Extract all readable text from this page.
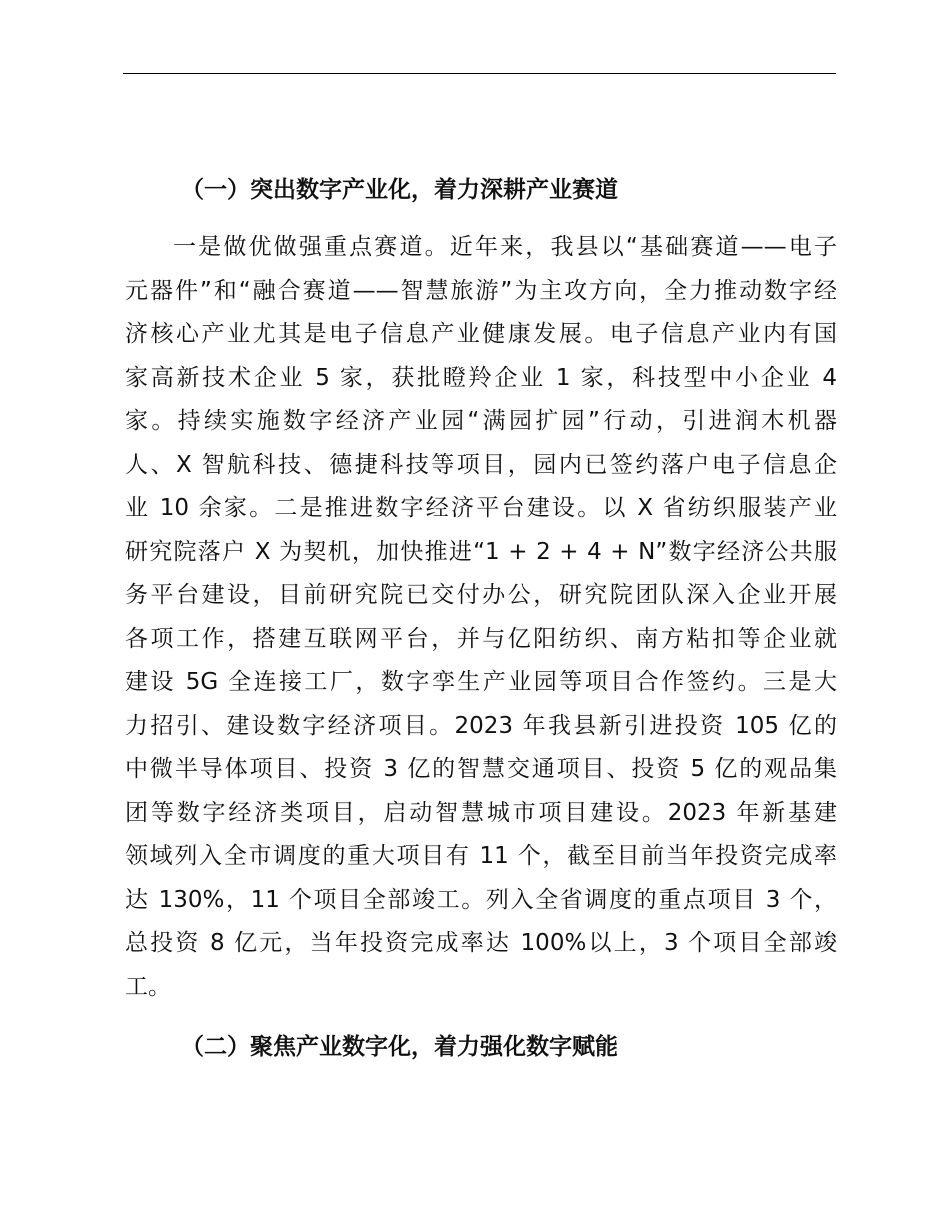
（一）突出数字产业化，着力深耕产业赛道
一是做优做强重点赛道。近年来，我县以“基础赛道——电子
元器件”和“融合赛道——智慧旅游”为主攻方向，全力推动数字经
济核心产业尤其是电子信息产业健康发展。电子信息产业内有国
家高新技术企业 5 家，获批瞪羚企业 1 家，科技型中小企业 4
家。持续实施数字经济产业园“满园扩园”行动，引进润木机器
人、X 智航科技、德捷科技等项目，园内已签约落户电子信息企
业 10 余家。二是推进数字经济平台建设。以 X 省纺织服装产业
研究院落户 X 为契机，加快推进“1 + 2 + 4 + N”数字经济公共服
务平台建设，目前研究院已交付办公，研究院团队深入企业开展
各项工作，搭建互联网平台，并与亿阳纺织、南方粘扣等企业就
建设 5G 全连接工厂，数字孪生产业园等项目合作签约。三是大
力招引、建设数字经济项目。2023 年我县新引进投资 105 亿的
中微半导体项目、投资 3 亿的智慧交通项目、投资 5 亿的观品集
团等数字经济类项目，启动智慧城市项目建设。2023 年新基建
领域列入全市调度的重大项目有 11 个，截至目前当年投资完成率
达 130%，11 个项目全部竣工。列入全省调度的重点项目 3 个，
总投资 8 亿元，当年投资完成率达 100%以上，3 个项目全部竣
工。
（二）聚焦产业数字化，着力强化数字赋能
